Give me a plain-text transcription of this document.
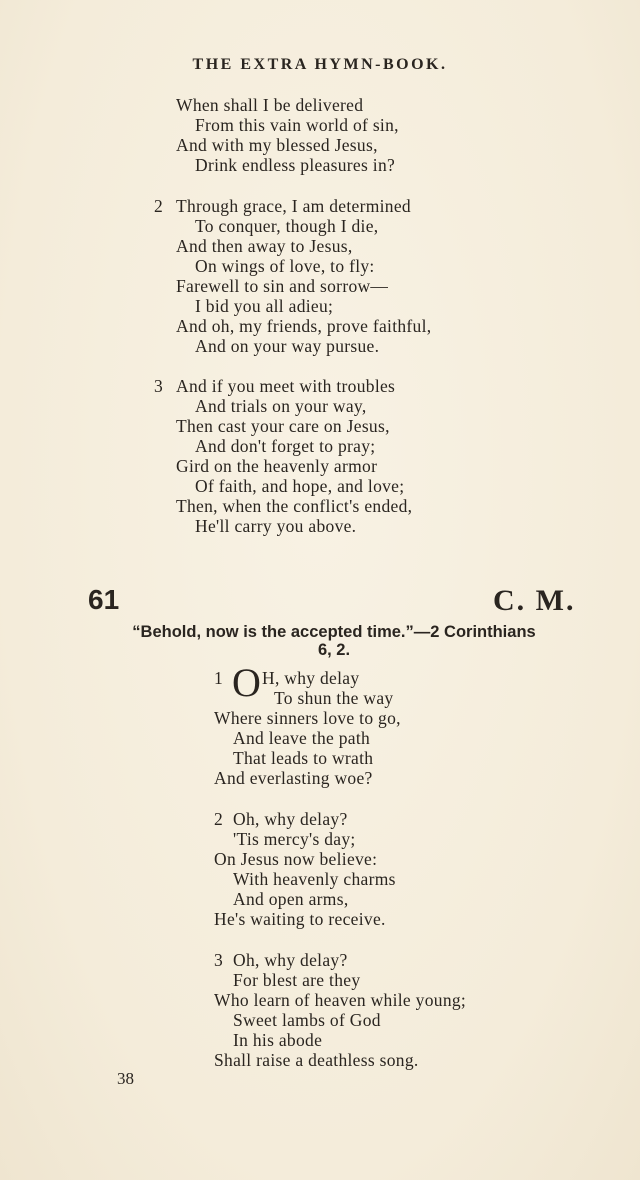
THE EXTRA HYMN-BOOK.
When shall I be delivered
From this vain world of sin,
And with my blessed Jesus,
Drink endless pleasures in?
2 Through grace, I am determined
To conquer, though I die,
And then away to Jesus,
On wings of love, to fly:
Farewell to sin and sorrow—
I bid you all adieu;
And oh, my friends, prove faithful,
And on your way pursue.
3 And if you meet with troubles
And trials on your way,
Then cast your care on Jesus,
And don't forget to pray;
Gird on the heavenly armor
Of faith, and hope, and love;
Then, when the conflict's ended,
He'll carry you above.
61	C. M.
“Behold, now is the accepted time.”—2 Corinthians
6, 2.
1 O H, why delay
To shun the way
Where sinners love to go,
And leave the path
That leads to wrath
And everlasting woe?
2 Oh, why delay?
'Tis mercy's day;
On Jesus now believe:
With heavenly charms
And open arms,
He's waiting to receive.
3 Oh, why delay?
For blest are they
Who learn of heaven while young;
Sweet lambs of God
In his abode
Shall raise a deathless song.
38
